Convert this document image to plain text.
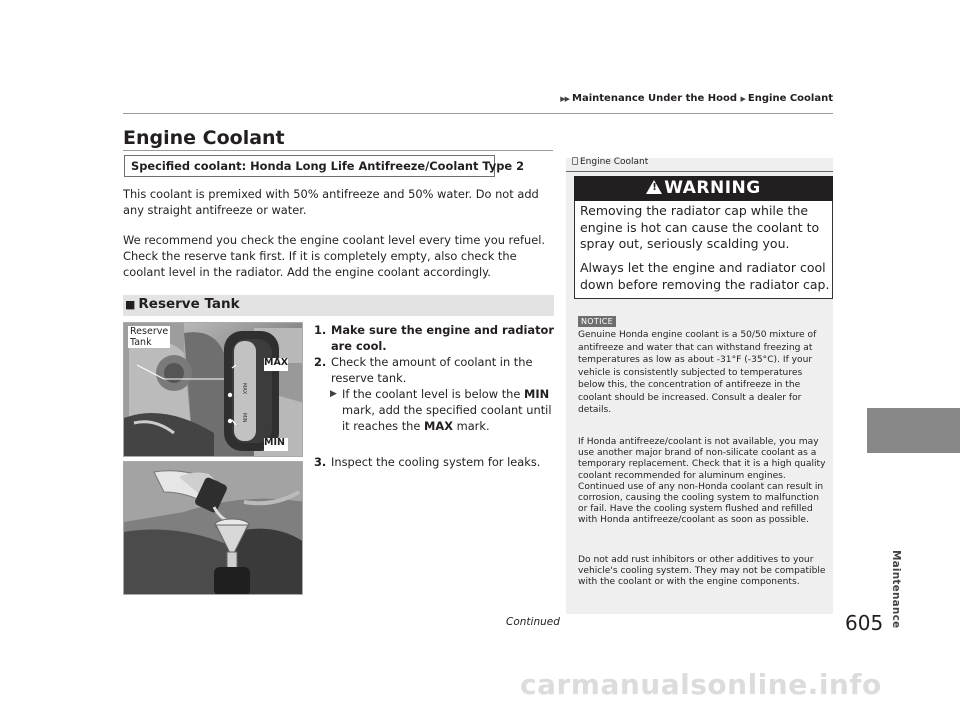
▶▶ Maintenance Under the Hood ▶ Engine Coolant
Maintenance
Engine Coolant
Specified coolant: Honda Long Life Antifreeze/Coolant Type 2
This coolant is premixed with 50% antifreeze and 50% water. Do not add any straight antifreeze or water.
We recommend you check the engine coolant level every time you refuel. Check the reserve tank first. If it is completely empty, also check the coolant level in the radiator. Add the engine coolant accordingly.
■ Reserve Tank
MAX
MIN
Reserve
Tank
MAX
MIN
1. Make sure the engine and radiator are cool.
2. Check the amount of coolant in the reserve tank.
▶ If the coolant level is below the MIN mark, add the specified coolant until it reaches the MAX mark.
3. Inspect the cooling system for leaks.
Engine Coolant
!WARNING
Removing the radiator cap while the engine is hot can cause the coolant to spray out, seriously scalding you.
Always let the engine and radiator cool down before removing the radiator cap.
NOTICE
Genuine Honda engine coolant is a 50/50 mixture of antifreeze and water that can withstand freezing at temperatures as low as about -31°F (-35°C). If your vehicle is consistently subjected to temperatures below this, the concentration of antifreeze in the coolant should be increased. Consult a dealer for details.
If Honda antifreeze/coolant is not available, you may use another major brand of non-silicate coolant as a temporary replacement. Check that it is a high quality coolant recommended for aluminum engines. Continued use of any non-Honda coolant can result in corrosion, causing the cooling system to malfunction or fail. Have the cooling system flushed and refilled with Honda antifreeze/coolant as soon as possible.
Do not add rust inhibitors or other additives to your vehicle's cooling system. They may not be compatible with the coolant or with the engine components.
Continued	605
carmanualsonline.info
